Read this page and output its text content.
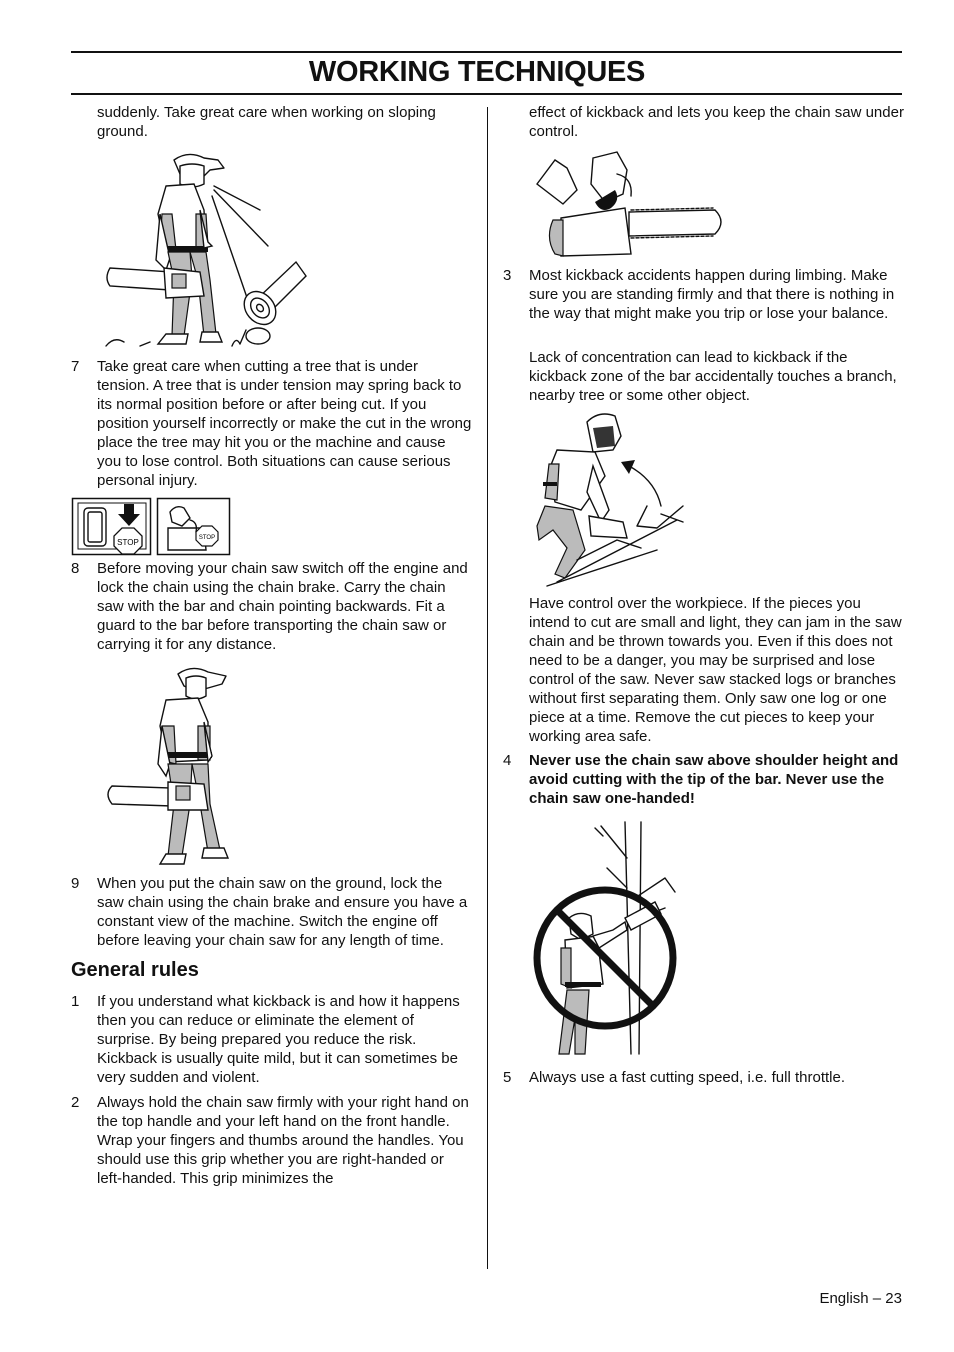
WORKING TECHNIQUES
suddenly. Take great care when working on sloping ground.
7 Take great care when cutting a tree that is under tension. A tree that is under tension may spring back to its normal position before or after being cut. If you position yourself incorrectly or make the cut in the wrong place the tree may hit you or the machine and cause you to lose control. Both situations can cause serious personal injury.
STOP	STOP
8 Before moving your chain saw switch off the engine and lock the chain using the chain brake. Carry the chain saw with the bar and chain pointing backwards. Fit a guard to the bar before transporting the chain saw or carrying it for any distance.
9 When you put the chain saw on the ground, lock the saw chain using the chain brake and ensure you have a constant view of the machine. Switch the engine off before leaving your chain saw for any length of time.
General rules
1 If you understand what kickback is and how it happens then you can reduce or eliminate the element of surprise. By being prepared you reduce the risk. Kickback is usually quite mild, but it can sometimes be very sudden and violent.
2 Always hold the chain saw firmly with your right hand on the top handle and your left hand on the front handle. Wrap your fingers and thumbs around the handles. You should use this grip whether you are right-handed or left-handed. This grip minimizes the
effect of kickback and lets you keep the chain saw under control.
3 Most kickback accidents happen during limbing. Make sure you are standing firmly and that there is nothing in the way that might make you trip or lose your balance.
Lack of concentration can lead to kickback if the kickback zone of the bar accidentally touches a branch, nearby tree or some other object.
Have control over the workpiece. If the pieces you intend to cut are small and light, they can jam in the saw chain and be thrown towards you. Even if this does not need to be a danger, you may be surprised and lose control of the saw. Never saw stacked logs or branches without first separating them. Only saw one log or one piece at a time. Remove the cut pieces to keep your working area safe.
4 Never use the chain saw above shoulder height and avoid cutting with the tip of the bar. Never use the chain saw one-handed!
5 Always use a fast cutting speed, i.e. full throttle.
English – 23
